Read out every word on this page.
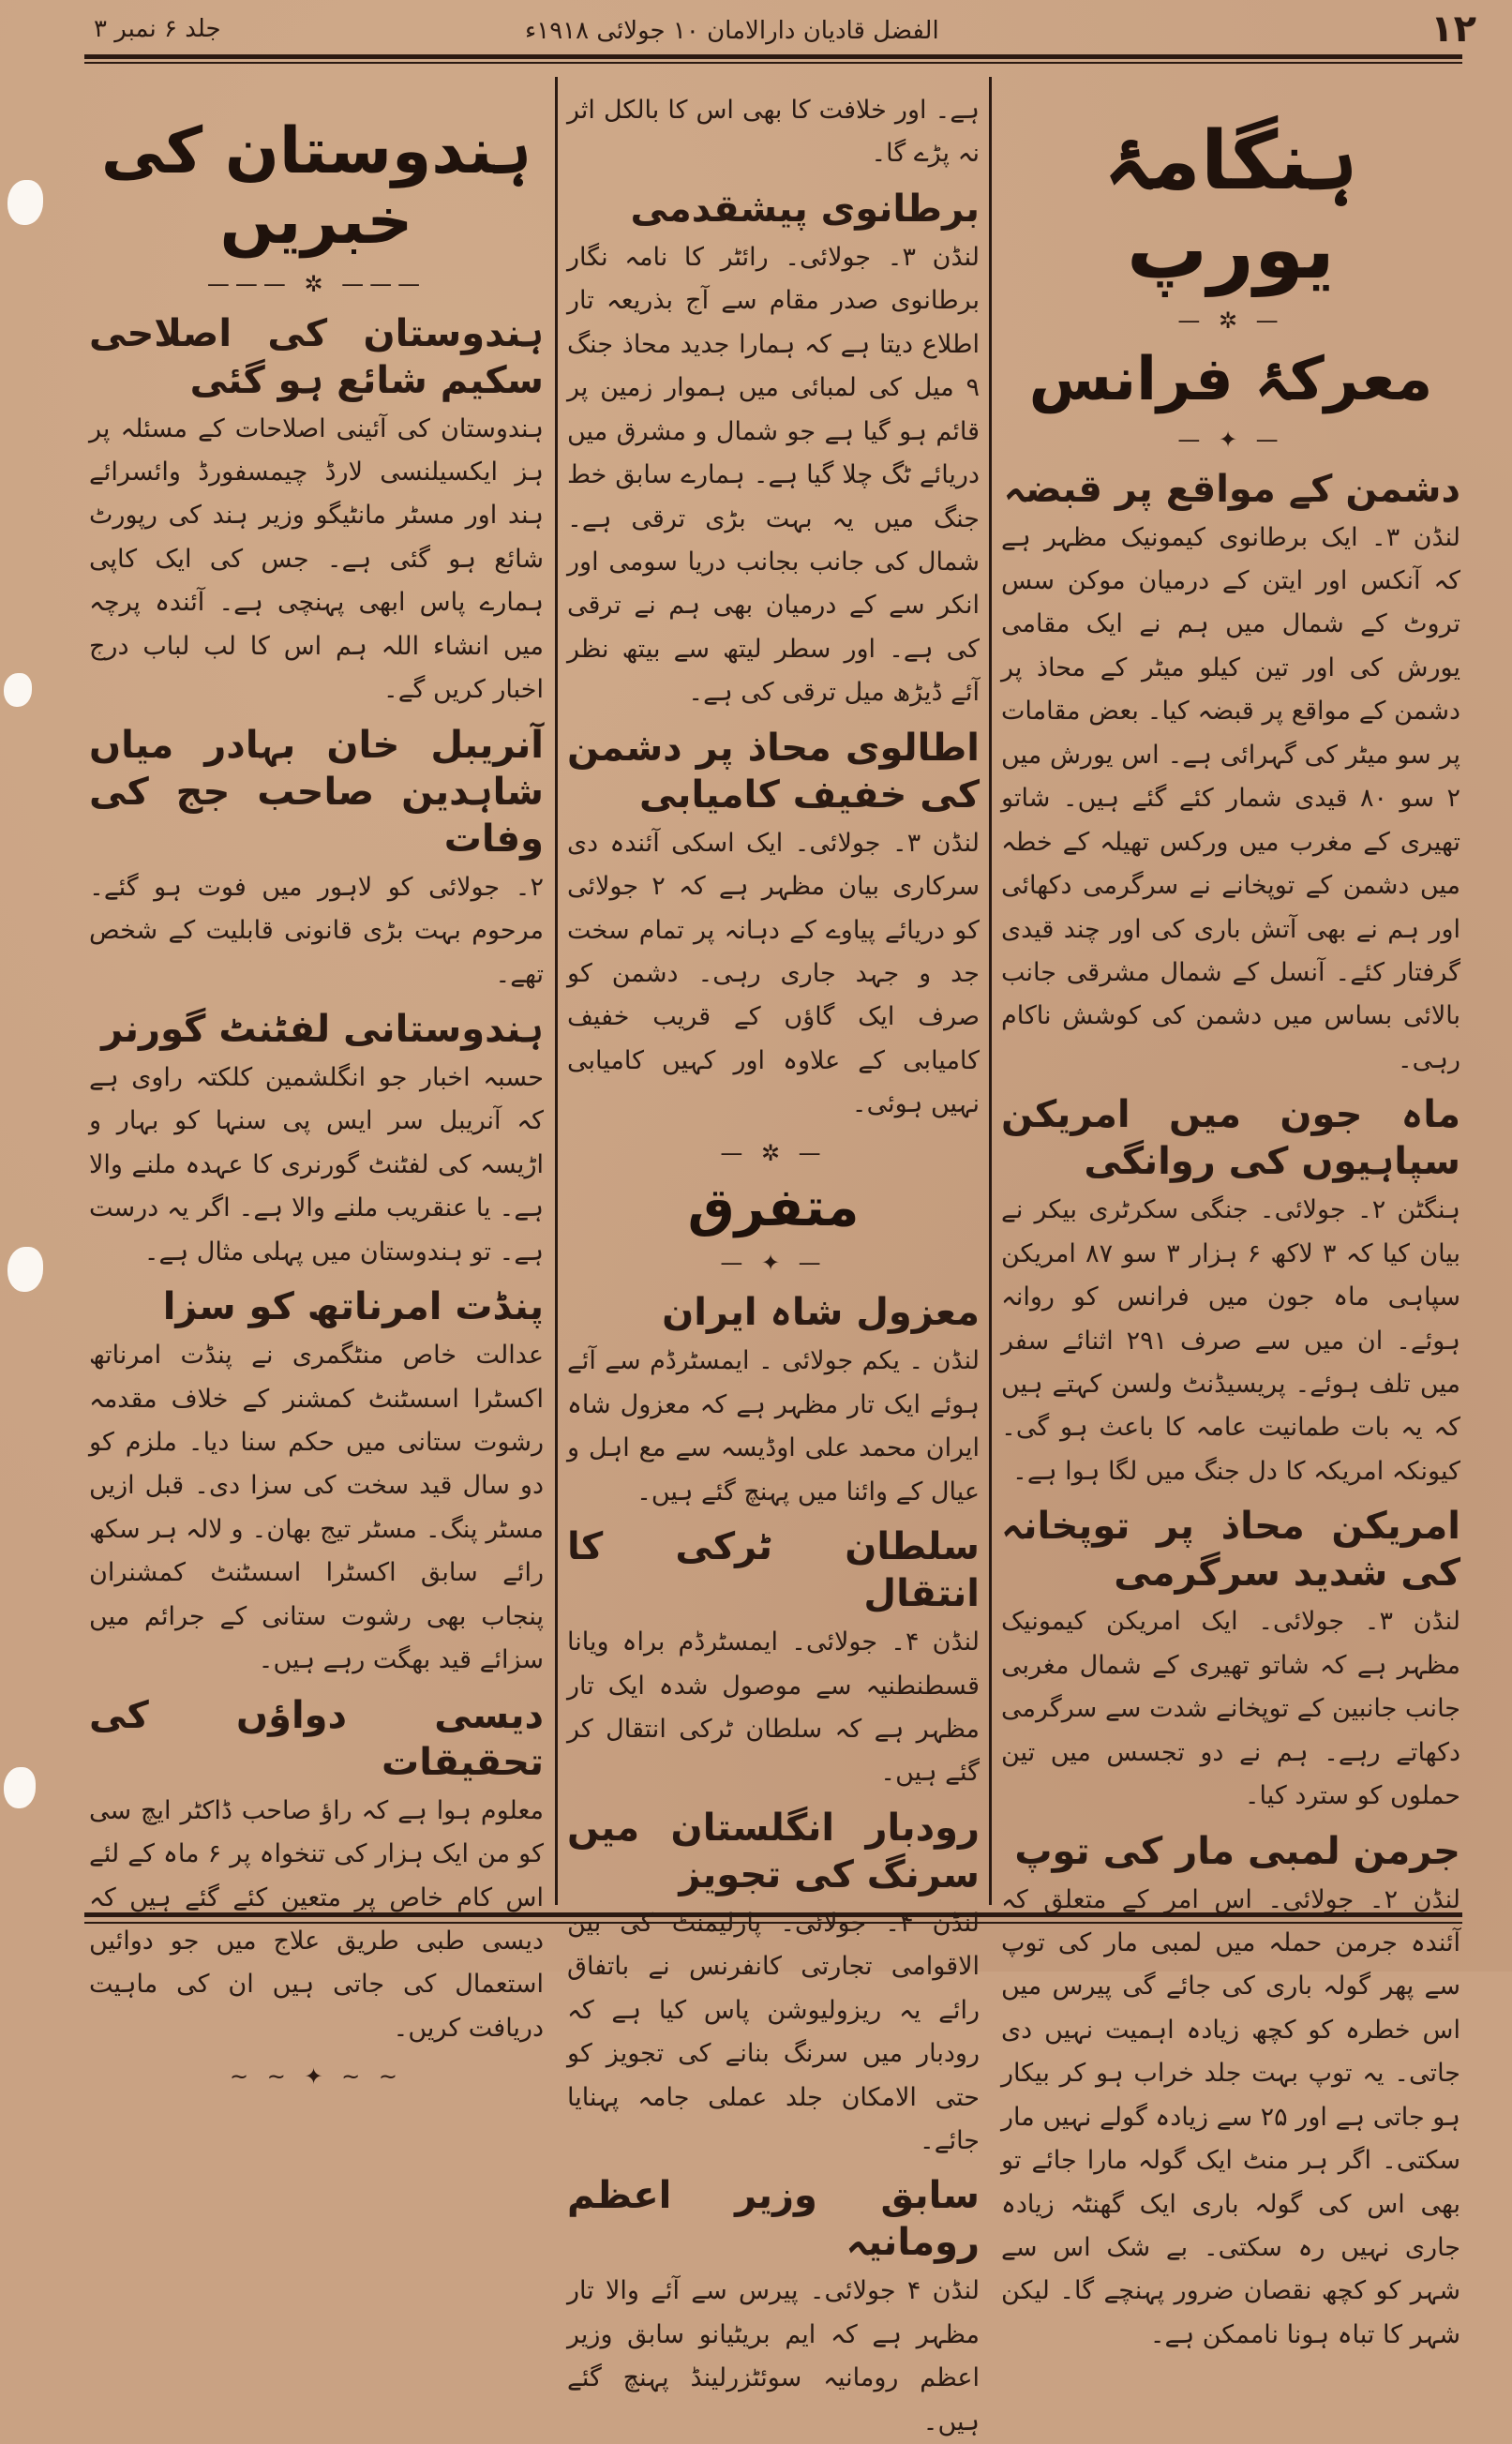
۱۲
الفضل قادیان دارالامان ۱۰ جولائی ۱۹۱۸ء
جلد ۶ نمبر ۳
ہنگامۂ یورپ
— ✲ —
معرکۂ فرانس
— ✦ —
دشمن کے مواقع پر قبضہ

لنڈن ۳۔ ایک برطانوی کیمونیک مظہر ہے کہ آنکس اور ایتن کے درمیان موکن سس تروٹ کے شمال میں ہم نے ایک مقامی یورش کی اور تین کیلو میٹر کے محاذ پر دشمن کے مواقع پر قبضہ کیا۔ بعض مقامات پر سو میٹر کی گہرائی ہے۔ اس یورش میں ۲ سو ۸۰ قیدی شمار کئے گئے ہیں۔ شاتو تھیری کے مغرب میں ورکس تھیلہ کے خطہ میں دشمن کے توپخانے نے سرگرمی دکھائی اور ہم نے بھی آتش باری کی اور چند قیدی گرفتار کئے۔ آنسل کے شمال مشرقی جانب بالائی بساس میں دشمن کی کوشش ناکام رہی۔

ماہ جون میں امریکن سپاہیوں کی روانگی

ہنگٹن ۲۔ جولائی۔ جنگی سکرٹری بیکر نے بیان کیا کہ ۳ لاکھ ۶ ہزار ۳ سو ۸۷ امریکن سپاہی ماہ جون میں فرانس کو روانہ ہوئے۔ ان میں سے صرف ۲۹۱ اثنائے سفر میں تلف ہوئے۔ پریسیڈنٹ ولسن کہتے ہیں کہ یہ بات طمانیت عامہ کا باعث ہو گی۔ کیونکہ امریکہ کا دل جنگ میں لگا ہوا ہے۔

امریکن محاذ پر توپخانہ کی شدید سرگرمی

لنڈن ۳۔ جولائی۔ ایک امریکن کیمونیک مظہر ہے کہ شاتو تھیری کے شمال مغربی جانب جانبین کے توپخانے شدت سے سرگرمی دکھاتے رہے۔ ہم نے دو تجسس میں تین حملوں کو سترد کیا۔

جرمن لمبی مار کی توپ

لنڈن ۲۔ جولائی۔ اس امر کے متعلق کہ آئندہ جرمن حملہ میں لمبی مار کی توپ سے پھر گولہ باری کی جائے گی پیرس میں اس خطرہ کو کچھ زیادہ اہمیت نہیں دی جاتی۔ یہ توپ بہت جلد خراب ہو کر بیکار ہو جاتی ہے اور ۲۵ سے زیادہ گولے نہیں مار سکتی۔ اگر ہر منٹ ایک گولہ مارا جائے تو بھی اس کی گولہ باری ایک گھنٹہ زیادہ جاری نہیں رہ سکتی۔ بے شک اس سے شہر کو کچھ نقصان ضرور پہنچے گا۔ لیکن شہر کا تباہ ہونا ناممکن ہے۔

ہے۔ اور خلافت کا بھی اس کا بالکل اثر نہ پڑے گا۔

برطانوی پیشقدمی

لنڈن ۳۔ جولائی۔ رائٹر کا نامہ نگار برطانوی صدر مقام سے آج بذریعہ تار اطلاع دیتا ہے کہ ہمارا جدید محاذ جنگ ۹ میل کی لمبائی میں ہموار زمین پر قائم ہو گیا ہے جو شمال و مشرق میں دریائے ٹگ چلا گیا ہے۔ ہمارے سابق خط جنگ میں یہ بہت بڑی ترقی ہے۔ شمال کی جانب بجانب دریا سومی اور انکر سے کے درمیان بھی ہم نے ترقی کی ہے۔ اور سطر لیتھ سے بیتھ نظر آئے ڈیڑھ میل ترقی کی ہے۔

اطالوی محاذ پر دشمن کی خفیف کامیابی

لنڈن ۳۔ جولائی۔ ایک اسکی آئندہ دی سرکاری بیان مظہر ہے کہ ۲ جولائی کو دریائے پیاوے کے دہانہ پر تمام سخت جد و جہد جاری رہی۔ دشمن کو صرف ایک گاؤں کے قریب خفیف کامیابی کے علاوہ اور کہیں کامیابی نہیں ہوئی۔

— ✲ —
متفرق
— ✦ —
معزول شاہ ایران

لنڈن ۔ یکم جولائی ۔ ایمسٹرڈم سے آئے ہوئے ایک تار مظہر ہے کہ معزول شاہ ایران محمد علی اوڈیسہ سے مع اہل و عیال کے وائنا میں پہنچ گئے ہیں۔

سلطان ٹرکی کا انتقال

لنڈن ۴۔ جولائی۔ ایمسٹرڈم براہ ویانا قسطنطنیہ سے موصول شدہ ایک تار مظہر ہے کہ سلطان ٹرکی انتقال کر گئے ہیں۔

رودبار انگلستان میں سرنگ کی تجویز

لنڈن ۴۔ جولائی۔ پارلیمنٹ کی بین الاقوامی تجارتی کانفرنس نے باتفاق رائے یہ ریزولیوشن پاس کیا ہے کہ رودبار میں سرنگ بنانے کی تجویز کو حتی الامکان جلد عملی جامہ پہنایا جائے۔

سابق وزیر اعظم رومانیہ

لنڈن ۴ جولائی۔ پیرس سے آئے والا تار مظہر ہے کہ ایم بریٹیانو سابق وزیر اعظم رومانیہ سوئٹزرلینڈ پہنچ گئے ہیں۔

ہندوستان کی خبریں
——— ✲ ———
ہندوستان کی اصلاحی سکیم شائع ہو گئی

ہندوستان کی آئینی اصلاحات کے مسئلہ پر ہز ایکسیلنسی لارڈ چیمسفورڈ وائسرائے ہند اور مسٹر مانٹیگو وزیر ہند کی رپورٹ شائع ہو گئی ہے۔ جس کی ایک کاپی ہمارے پاس ابھی پہنچی ہے۔ آئندہ پرچہ میں انشاء اللہ ہم اس کا لب لباب درج اخبار کریں گے۔

آنریبل خان بہادر میاں شاہدین صاحب جج کی وفات

۲۔ جولائی کو لاہور میں فوت ہو گئے۔ مرحوم بہت بڑی قانونی قابلیت کے شخص تھے۔

ہندوستانی لفٹنٹ گورنر

حسبہ اخبار جو انگلشمین کلکتہ راوی ہے کہ آنریبل سر ایس پی سنہا کو بہار و اڑیسہ کی لفٹنٹ گورنری کا عہدہ ملنے والا ہے۔ یا عنقریب ملنے والا ہے۔ اگر یہ درست ہے۔ تو ہندوستان میں پہلی مثال ہے۔

پنڈت امرناتھ کو سزا

عدالت خاص منٹگمری نے پنڈت امرناتھ اکسٹرا اسسٹنٹ کمشنر کے خلاف مقدمہ رشوت ستانی میں حکم سنا دیا۔ ملزم کو دو سال قید سخت کی سزا دی۔ قبل ازیں مسٹر پنگ۔ مسٹر تیج بھان۔ و لالہ ہر سکھ رائے سابق اکسٹرا اسسٹنٹ کمشنران پنجاب بھی رشوت ستانی کے جرائم میں سزائے قید بھگت رہے ہیں۔

دیسی دواؤں کی تحقیقات

معلوم ہوا ہے کہ راؤ صاحب ڈاکٹر ایچ سی کو من ایک ہزار کی تنخواہ پر ۶ ماہ کے لئے اس کام خاص پر متعین کئے گئے ہیں کہ دیسی طبی طریق علاج میں جو دوائیں استعمال کی جاتی ہیں ان کی ماہیت دریافت کریں۔

~ ~ ✦ ~ ~
